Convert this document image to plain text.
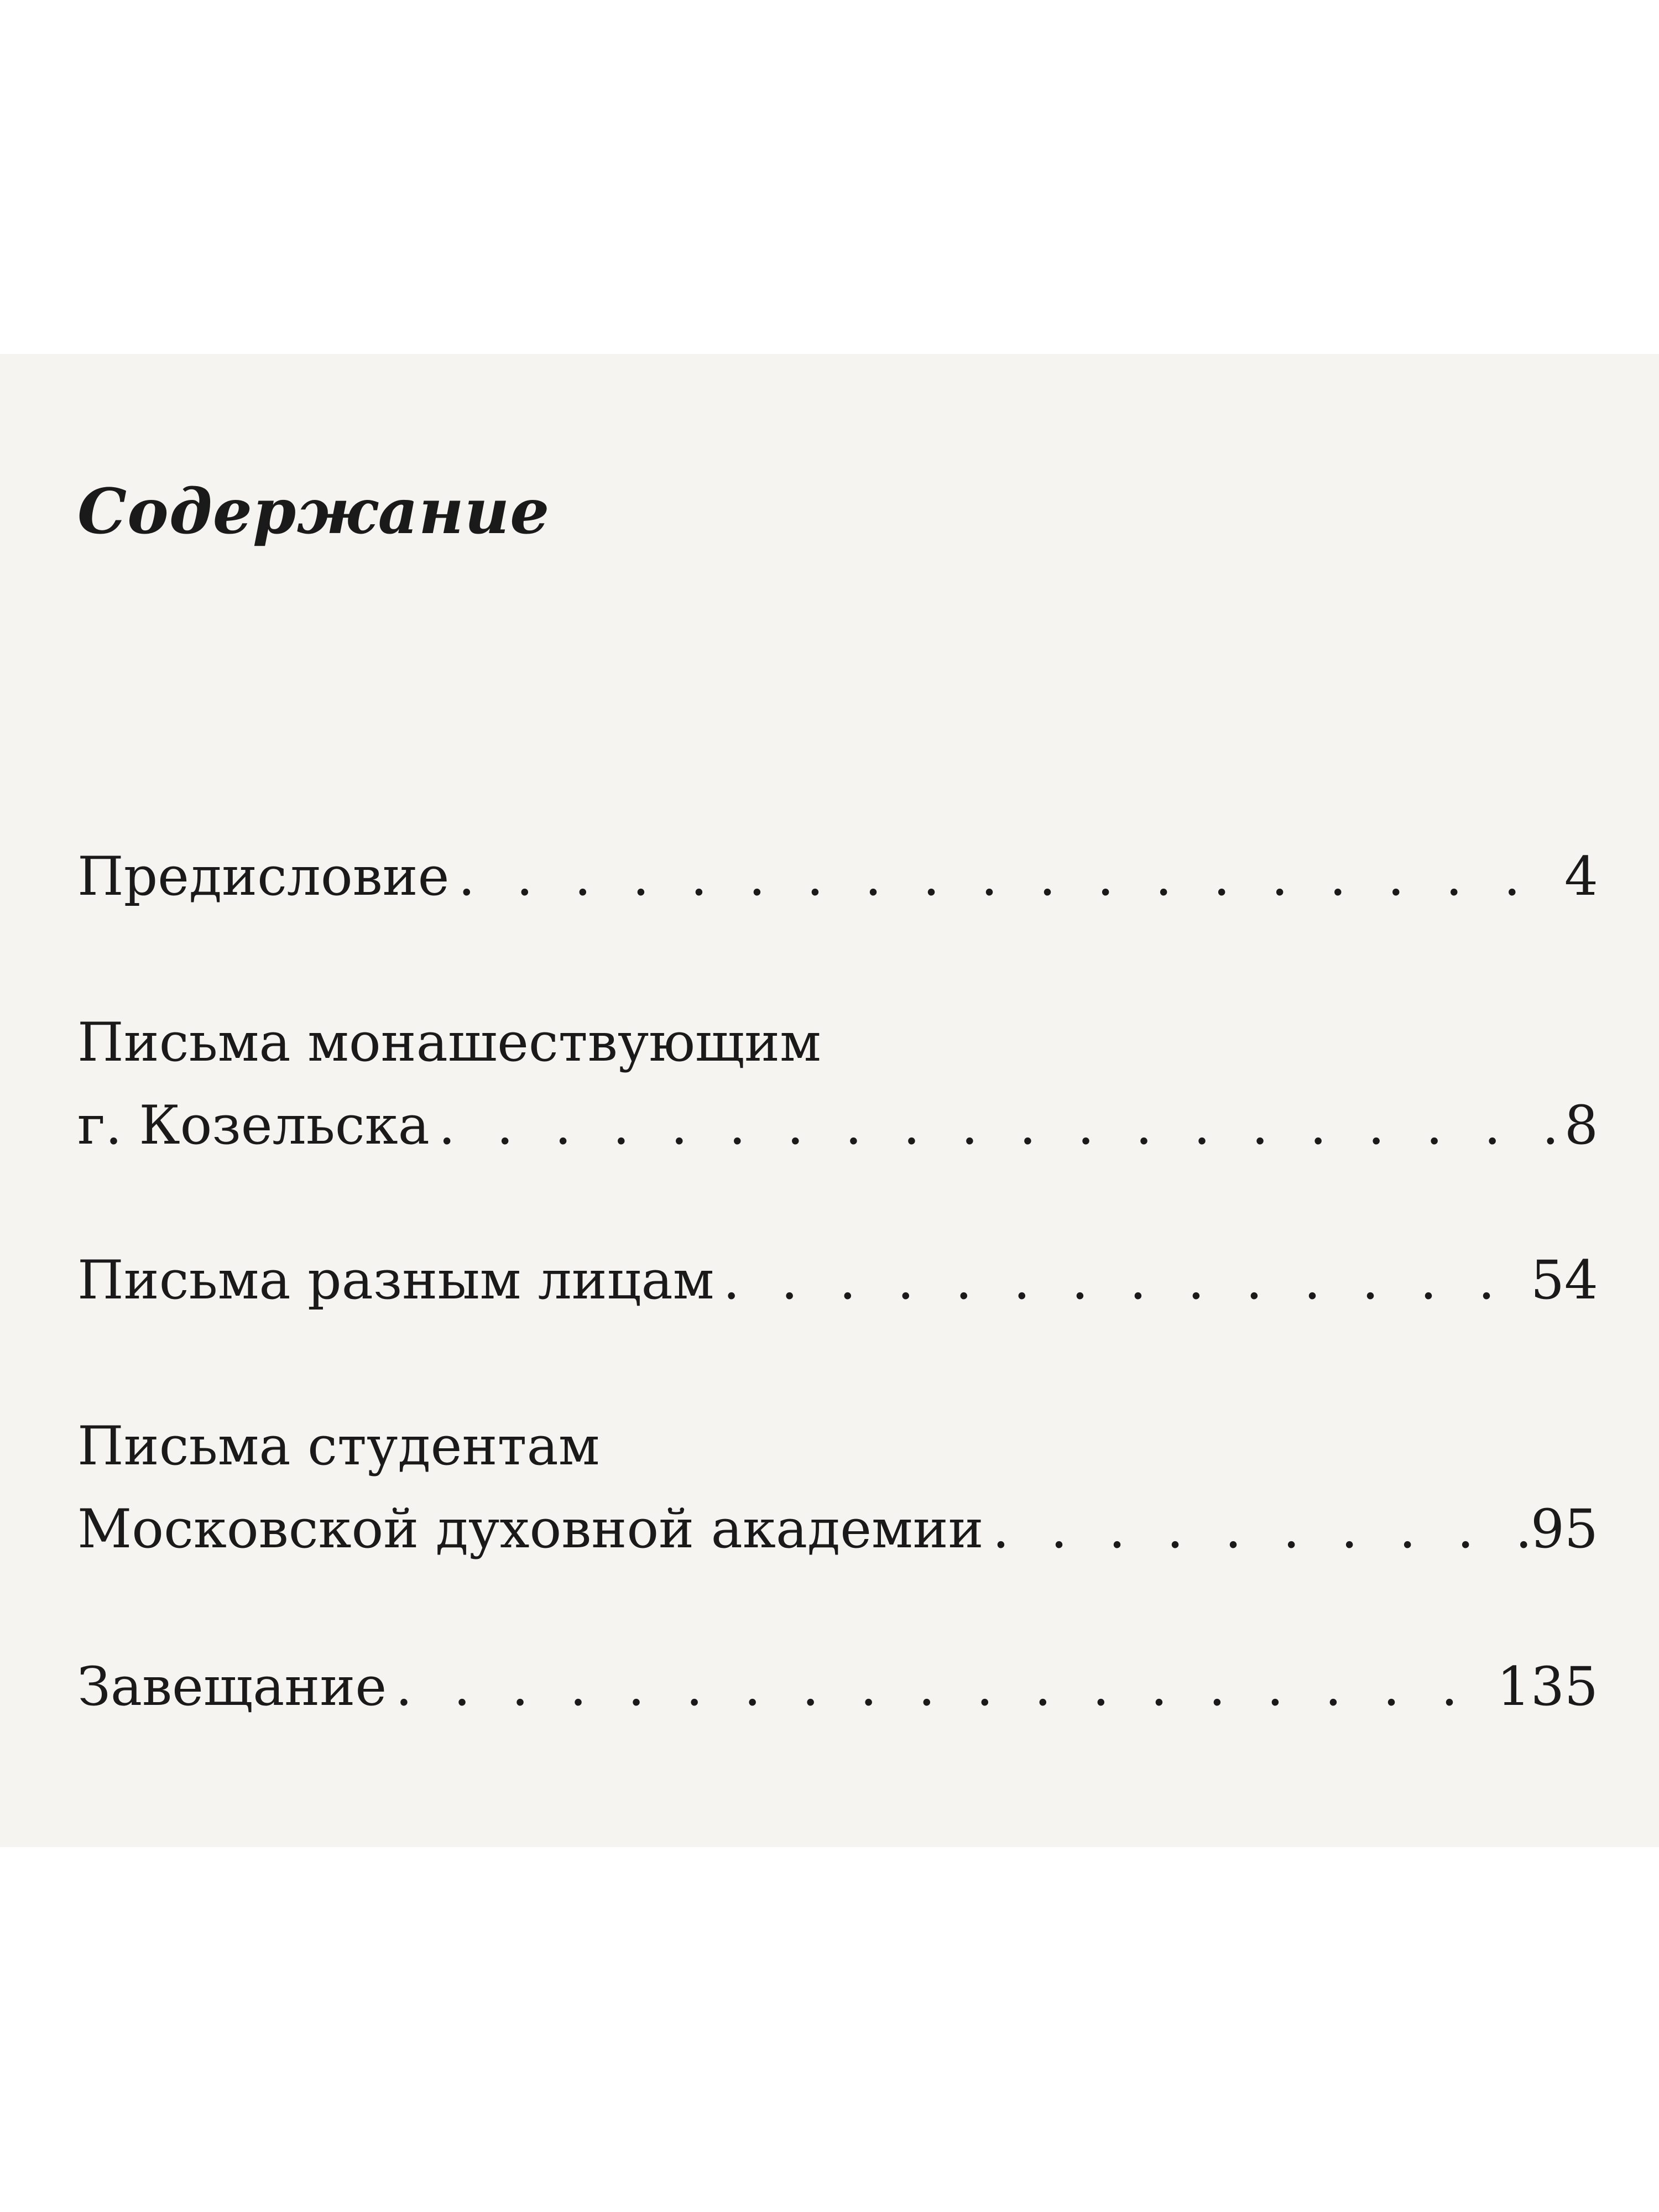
Содержание
Предисловие . . .	4
Письма монашествующим
г. Козельска . . .	8
Письма разным лицам . . .	54
Письма студентам
Московской духовной академии . . .	95
Завещание . . .	135
